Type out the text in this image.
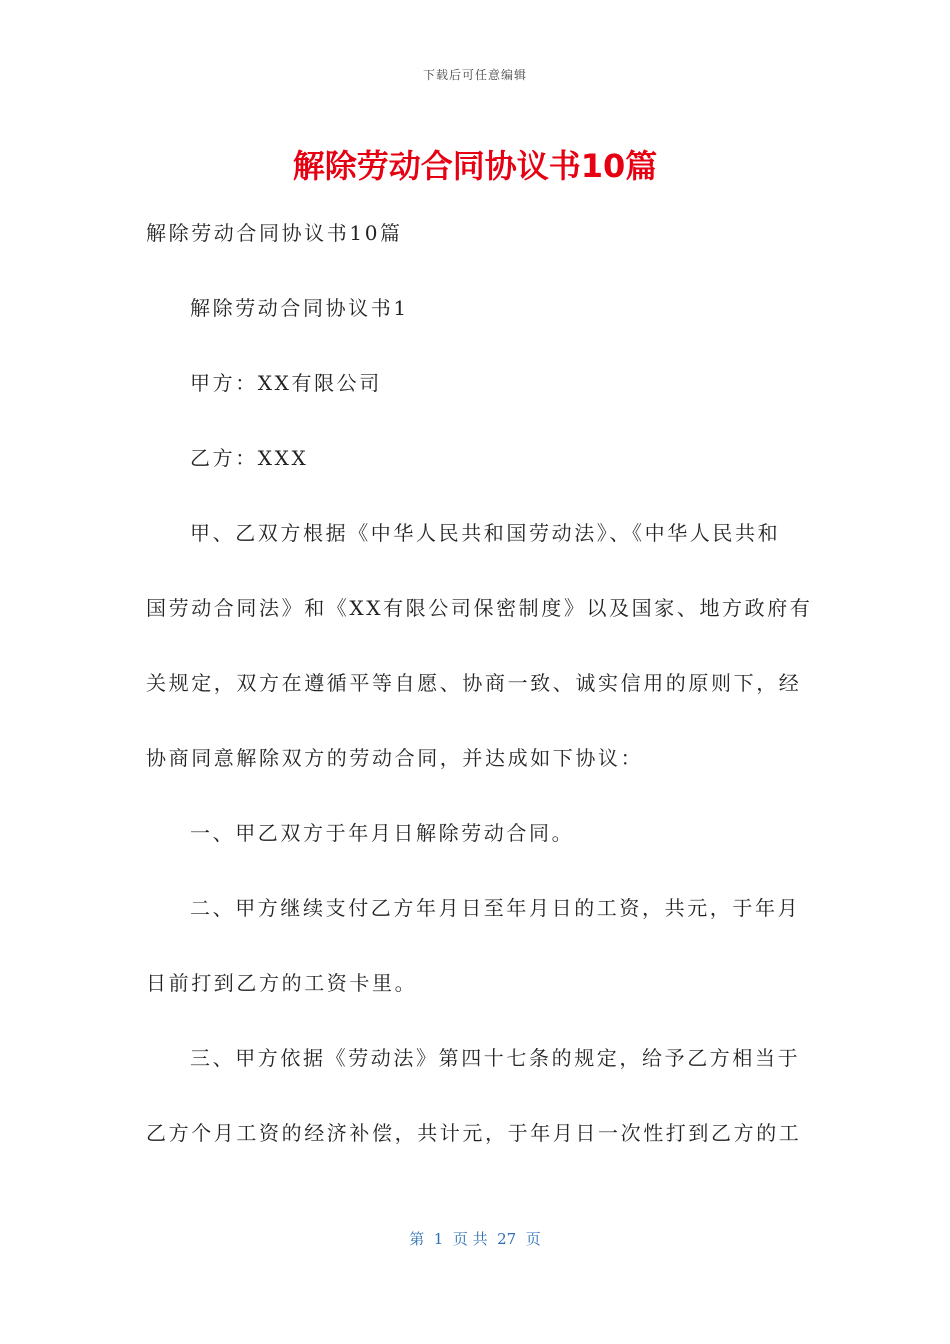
下载后可任意编辑
解除劳动合同协议书10篇

解除劳动合同协议书10篇

解除劳动合同协议书1

甲方：XX有限公司

乙方：XXX

甲、乙双方根据《中华人民共和国劳动法》、《中华人民共和

国劳动合同法》和《XX有限公司保密制度》以及国家、地方政府有

关规定，双方在遵循平等自愿、协商一致、诚实信用的原则下，经

协商同意解除双方的劳动合同，并达成如下协议：

一、甲乙双方于年月日解除劳动合同。

二、甲方继续支付乙方年月日至年月日的工资，共元，于年月

日前打到乙方的工资卡里。

三、甲方依据《劳动法》第四十七条的规定，给予乙方相当于

乙方个月工资的经济补偿，共计元，于年月日一次性打到乙方的工

第  1  页 共  27  页
